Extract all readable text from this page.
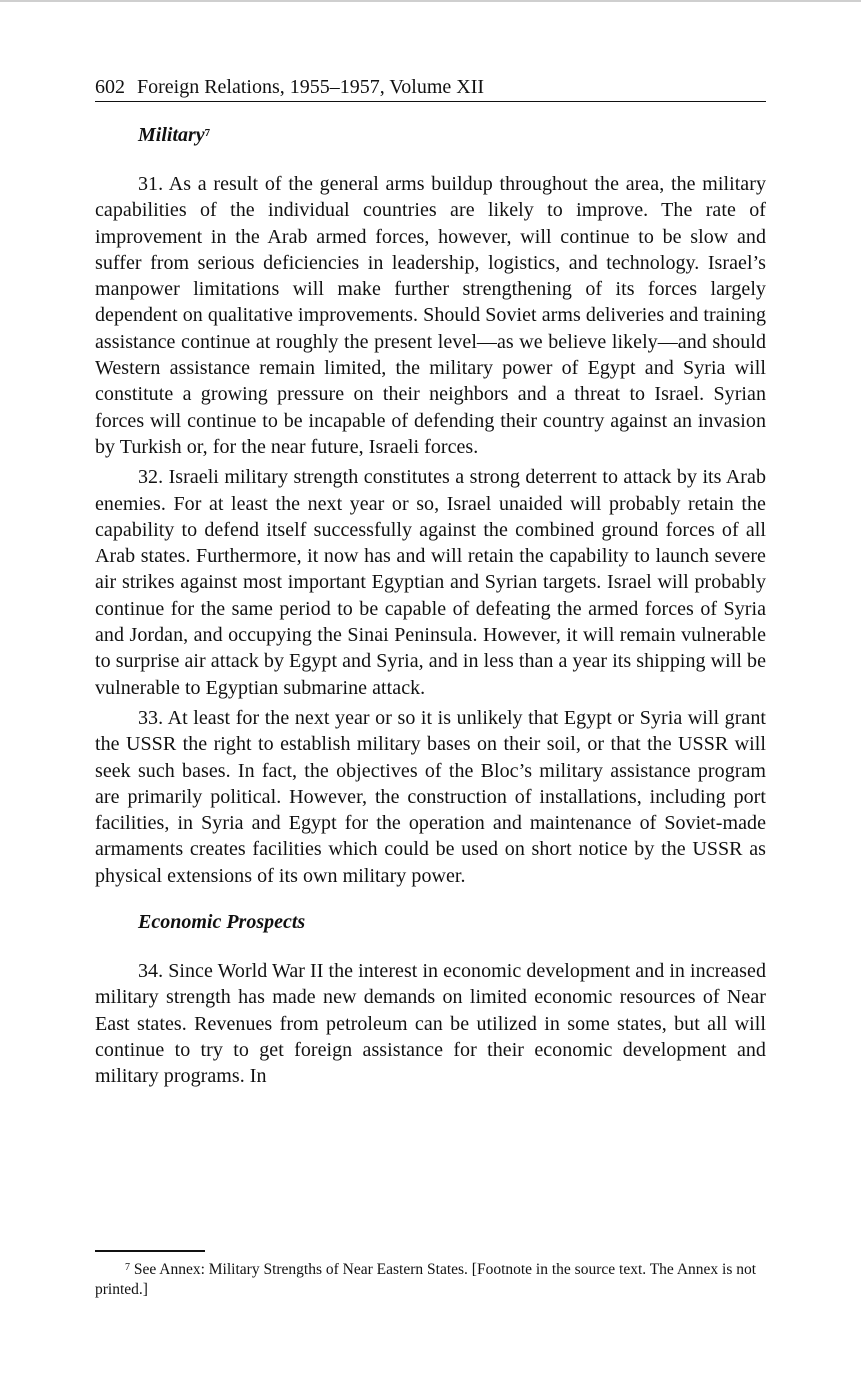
602 Foreign Relations, 1955–1957, Volume XII
Military$^7$

31. As a result of the general arms buildup throughout the area, the military capabilities of the individual countries are likely to improve. The rate of improvement in the Arab armed forces, however, will continue to be slow and suffer from serious deficiencies in leadership, logistics, and technology. Israel’s manpower limitations will make further strengthening of its forces largely dependent on qualitative improvements. Should Soviet arms deliveries and training assistance continue at roughly the present level—as we believe likely—and should Western assistance remain limited, the military power of Egypt and Syria will constitute a growing pressure on their neighbors and a threat to Israel. Syrian forces will continue to be incapable of defending their country against an invasion by Turkish or, for the near future, Israeli forces.

32. Israeli military strength constitutes a strong deterrent to attack by its Arab enemies. For at least the next year or so, Israel unaided will probably retain the capability to defend itself successfully against the combined ground forces of all Arab states. Furthermore, it now has and will retain the capability to launch severe air strikes against most important Egyptian and Syrian targets. Israel will probably continue for the same period to be capable of defeating the armed forces of Syria and Jordan, and occupying the Sinai Peninsula. However, it will remain vulnerable to surprise air attack by Egypt and Syria, and in less than a year its shipping will be vulnerable to Egyptian submarine attack.

33. At least for the next year or so it is unlikely that Egypt or Syria will grant the USSR the right to establish military bases on their soil, or that the USSR will seek such bases. In fact, the objectives of the Bloc’s military assistance program are primarily political. However, the construction of installations, including port facilities, in Syria and Egypt for the operation and maintenance of Soviet-made armaments creates facilities which could be used on short notice by the USSR as physical extensions of its own military power.

Economic Prospects

34. Since World War II the interest in economic development and in increased military strength has made new demands on limited economic resources of Near East states. Revenues from petroleum can be utilized in some states, but all will continue to try to get foreign assistance for their economic development and military programs. In

$^7$ See Annex: Military Strengths of Near Eastern States. [Footnote in the source text. The Annex is not printed.]
